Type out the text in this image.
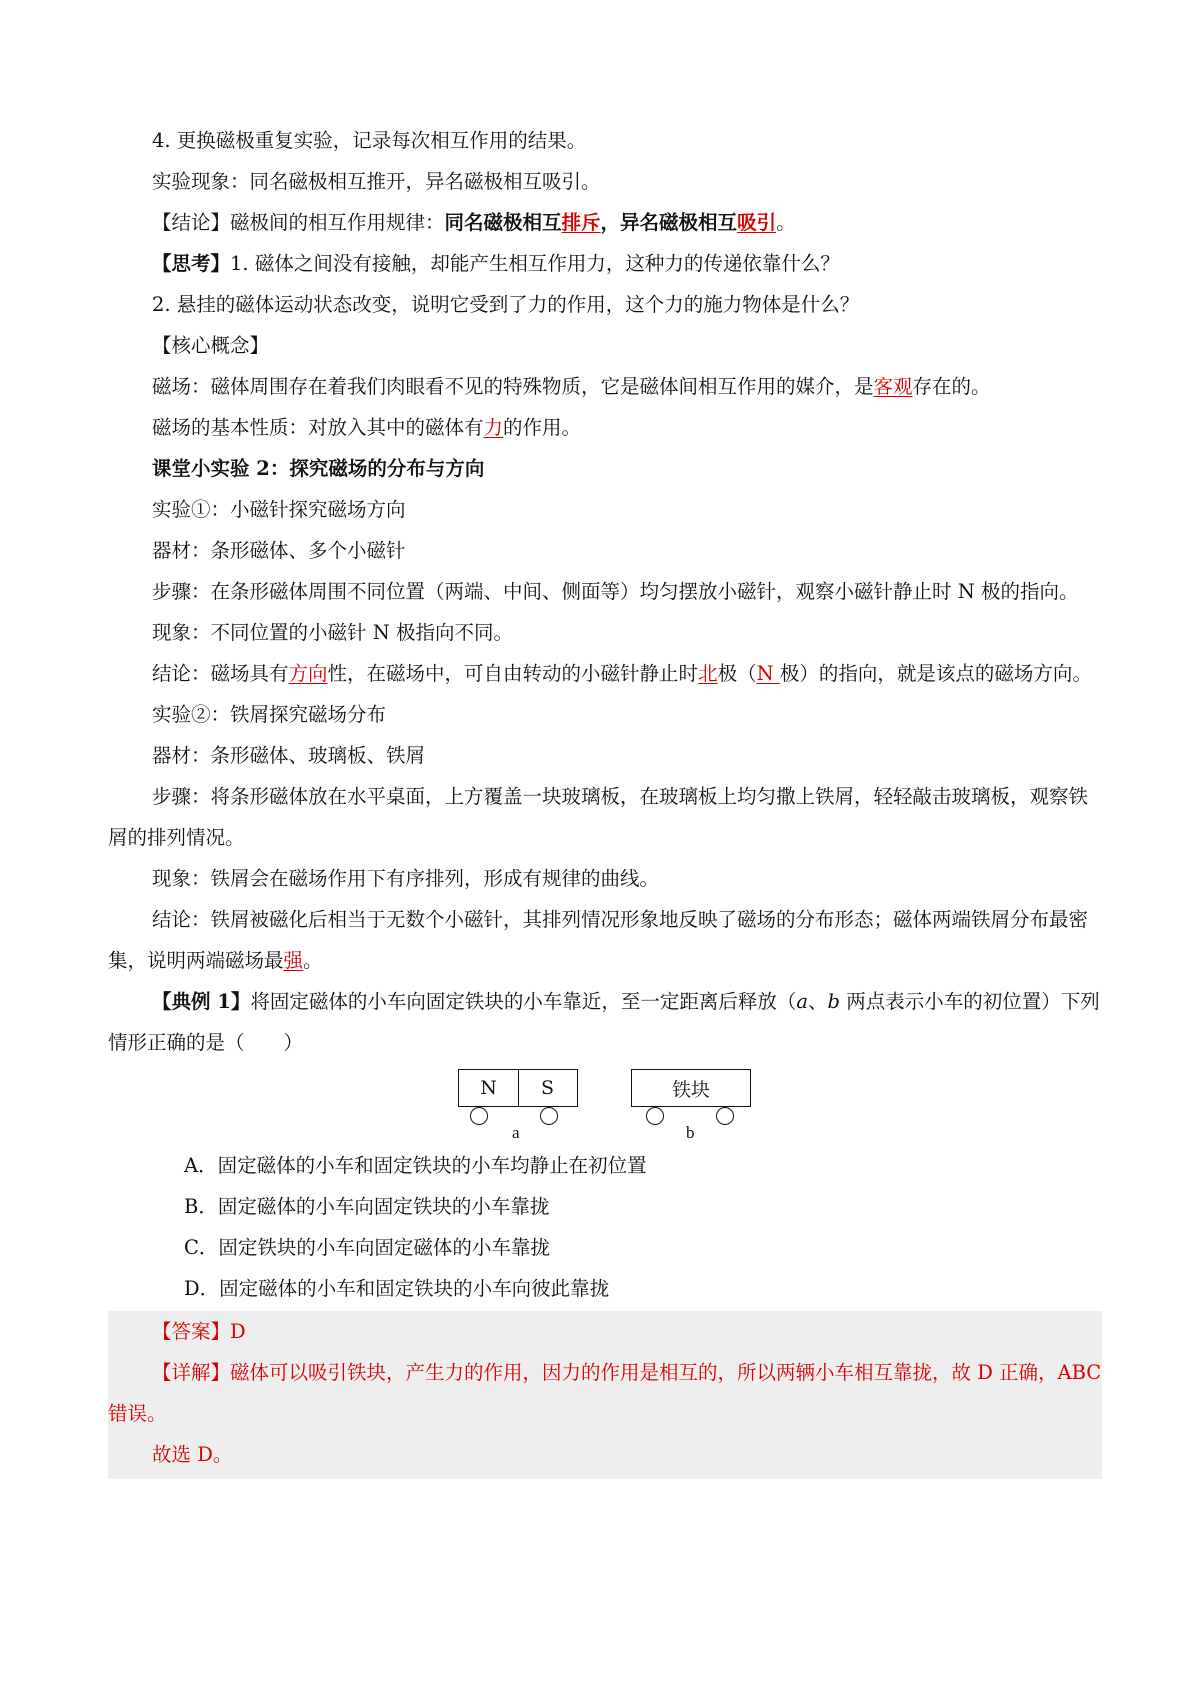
4. 更换磁极重复实验，记录每次相互作用的结果。

实验现象：同名磁极相互推开，异名磁极相互吸引。

【结论】磁极间的相互作用规律：同名磁极相互排斥，异名磁极相互吸引。

【思考】1. 磁体之间没有接触，却能产生相互作用力，这种力的传递依靠什么？

2. 悬挂的磁体运动状态改变，说明它受到了力的作用，这个力的施力物体是什么？

【核心概念】

磁场：磁体周围存在着我们肉眼看不见的特殊物质，它是磁体间相互作用的媒介，是客观存在的。

磁场的基本性质：对放入其中的磁体有力的作用。

课堂小实验 2：探究磁场的分布与方向

实验①：小磁针探究磁场方向

器材：条形磁体、多个小磁针

步骤：在条形磁体周围不同位置（两端、中间、侧面等）均匀摆放小磁针，观察小磁针静止时 N 极的指向。

现象：不同位置的小磁针 N 极指向不同。

结论：磁场具有方向性，在磁场中，可自由转动的小磁针静止时北极（N 极）的指向，就是该点的磁场方向。

实验②：铁屑探究磁场分布

器材：条形磁体、玻璃板、铁屑

步骤：将条形磁体放在水平桌面，上方覆盖一块玻璃板，在玻璃板上均匀撒上铁屑，轻轻敲击玻璃板，观察铁屑的排列情况。

现象：铁屑会在磁场作用下有序排列，形成有规律的曲线。

结论：铁屑被磁化后相当于无数个小磁针，其排列情况形象地反映了磁场的分布形态；磁体两端铁屑分布最密集，说明两端磁场最强。

【典例 1】将固定磁体的小车向固定铁块的小车靠近，至一定距离后释放（a、b 两点表示小车的初位置）下列情形正确的是（　　）

N	S
a
铁块
b

A．固定磁体的小车和固定铁块的小车均静止在初位置

B．固定磁体的小车向固定铁块的小车靠拢

C．固定铁块的小车向固定磁体的小车靠拢

D．固定磁体的小车和固定铁块的小车向彼此靠拢

【答案】D

【详解】磁体可以吸引铁块，产生力的作用，因力的作用是相互的，所以两辆小车相互靠拢，故 D 正确，ABC 错误。

故选 D。
